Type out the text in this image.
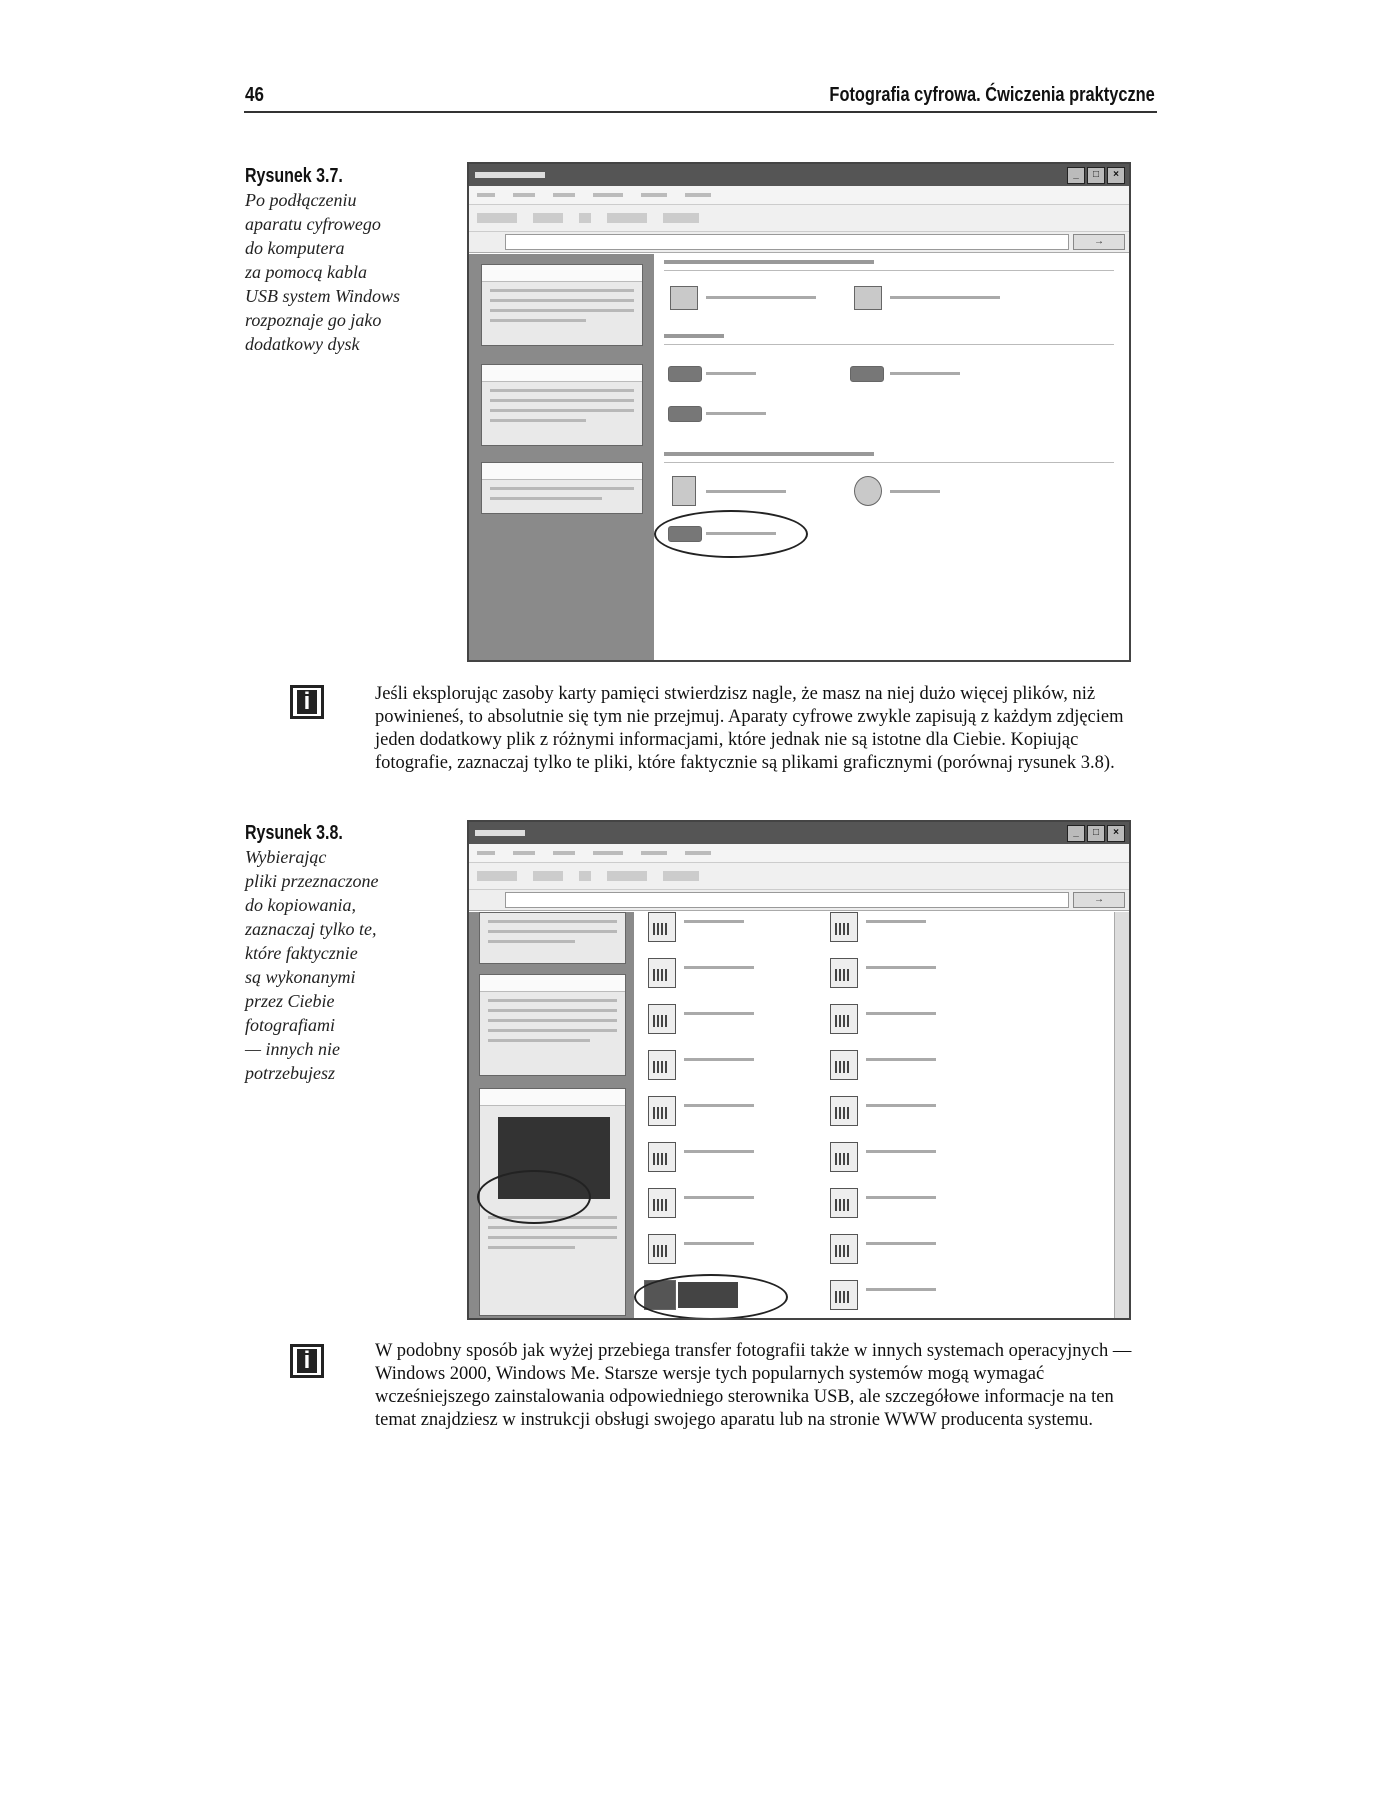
46	Fotografia cyfrowa. Ćwiczenia praktyczne
Rysunek 3.7.
Po podłączeniu
aparatu cyfrowego
do komputera
za pomocą kabla
USB system Windows
rozpoznaje go jako
dodatkowy dysk
_	□	×
→
i	Jeśli eksplorując zasoby karty pamięci stwierdzisz nagle, że masz na niej dużo więcej plików, niż powinieneś, to absolutnie się tym nie przejmuj. Aparaty cyfrowe zwykle zapisują z każdym zdjęciem jeden dodatkowy plik z różnymi informacjami, które jednak nie są istotne dla Ciebie. Kopiując fotografie, zaznaczaj tylko te pliki, które faktycznie są plikami graficznymi (porównaj rysunek 3.8).
Rysunek 3.8.
Wybierając
pliki przeznaczone
do kopiowania,
zaznaczaj tylko te,
które faktycznie
są wykonanymi
przez Ciebie
fotografiami
— innych nie
potrzebujesz
_	□	×
→
i	W podobny sposób jak wyżej przebiega transfer fotografii także w innych systemach operacyjnych — Windows 2000, Windows Me. Starsze wersje tych popularnych systemów mogą wymagać wcześniejszego zainstalowania odpowiedniego sterownika USB, ale szczegółowe informacje na ten temat znajdziesz w instrukcji obsługi swojego aparatu lub na stronie WWW producenta systemu.
